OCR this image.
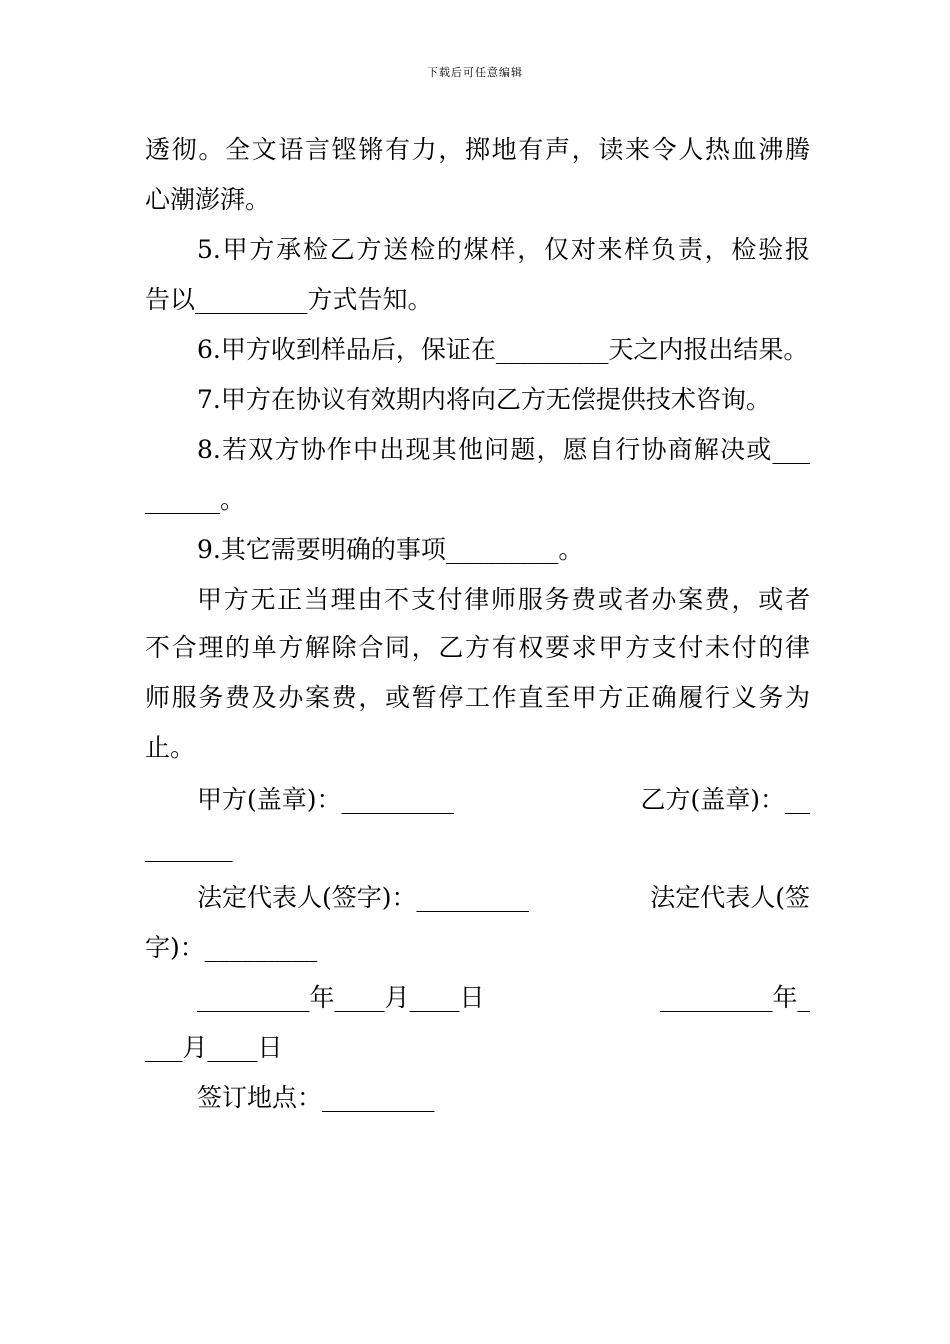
下载后可任意编辑
透彻。全文语言铿锵有力，掷地有声，读来令人热血沸腾
心潮澎湃。
5.甲方承检乙方送检的煤样，仅对来样负责，检验报
告以_________方式告知。
6.甲方收到样品后，保证在_________天之内报出结果。
7.甲方在协议有效期内将向乙方无偿提供技术咨询。
8.若双方协作中出现其他问题，愿自行协商解决或___
______。
9.其它需要明确的事项_________。
甲方无正当理由不支付律师服务费或者办案费，或者
不合理的单方解除合同，乙方有权要求甲方支付未付的律
师服务费及办案费，或暂停工作直至甲方正确履行义务为
止。
甲方(盖章)：_________	乙方(盖章)：__
_______
法定代表人(签字)：_________	法定代表人(签
字)：_________
_________年____月____日	_________年_
___月____日
签订地点：_________
